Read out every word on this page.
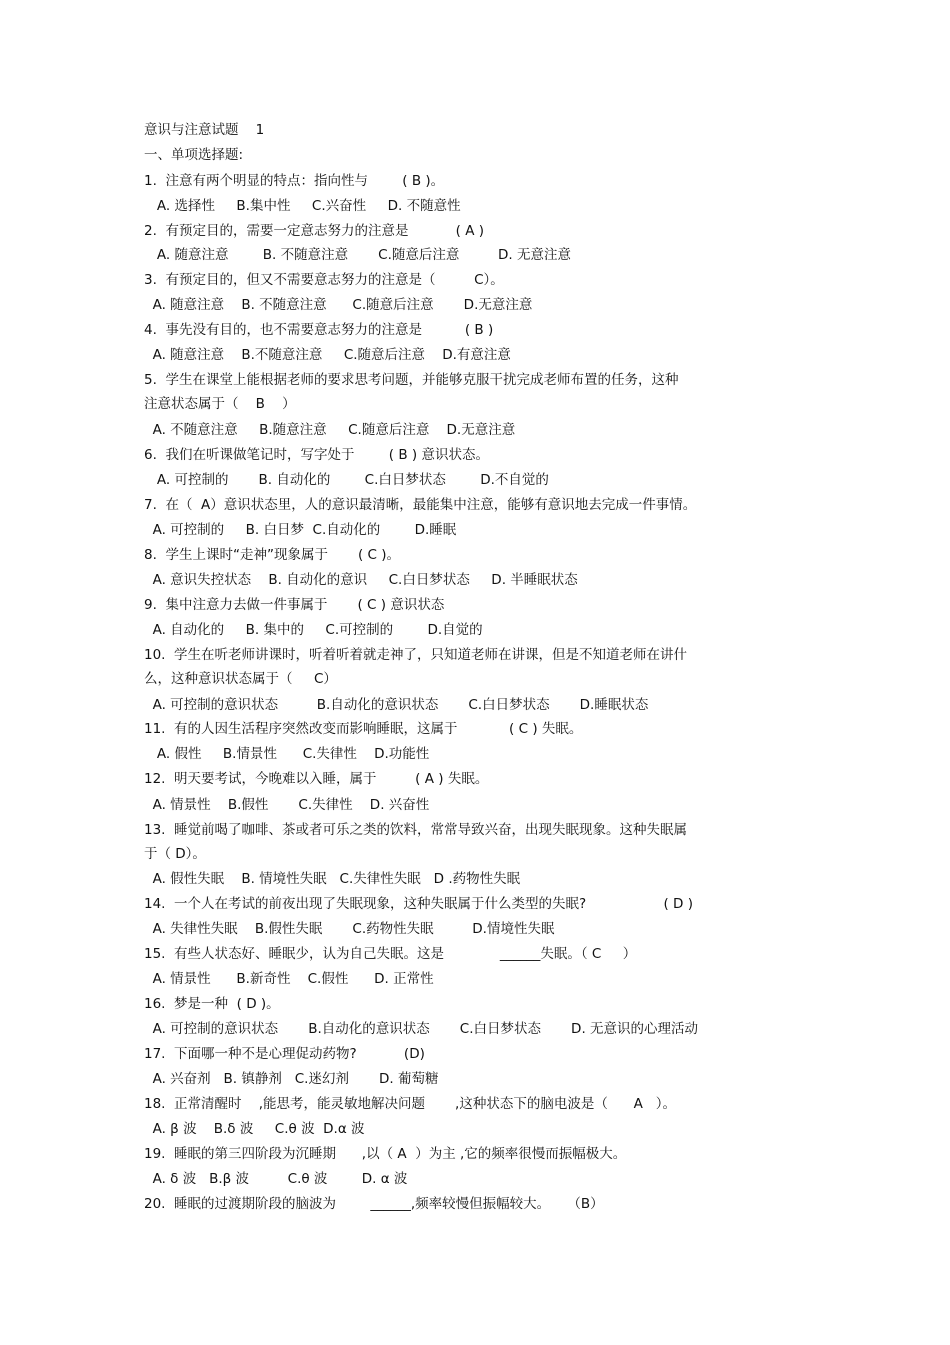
意识与注意试题    1
一、单项选择题:
1.  注意有两个明显的特点：指向性与        ( B )。
A. 选择性     B.集中性     C.兴奋性     D. 不随意性
2.  有预定目的，需要一定意志努力的注意是           ( A )
A. 随意注意        B. 不随意注意       C.随意后注意         D. 无意注意
3.  有预定目的，但又不需要意志努力的注意是（         C）。
A. 随意注意    B. 不随意注意      C.随意后注意       D.无意注意
4.  事先没有目的，也不需要意志努力的注意是          ( B )
A. 随意注意    B.不随意注意     C.随意后注意    D.有意注意
5.  学生在课堂上能根据老师的要求思考问题，并能够克服干扰完成老师布置的任务，这种
注意状态属于（    B    ）
A. 不随意注意     B.随意注意     C.随意后注意    D.无意注意
6.  我们在听课做笔记时，写字处于        ( B ) 意识状态。
A. 可控制的       B. 自动化的        C.白日梦状态        D.不自觉的
7.  在（  A）意识状态里，人的意识最清晰，最能集中注意，能够有意识地去完成一件事情。
A. 可控制的     B. 白日梦  C.自动化的        D.睡眠
8.  学生上课时“走神”现象属于       ( C )。
A. 意识失控状态    B. 自动化的意识     C.白日梦状态     D. 半睡眠状态
9.  集中注意力去做一件事属于       ( C ) 意识状态
A. 自动化的     B. 集中的     C.可控制的        D.自觉的
10.  学生在听老师讲课时，听着听着就走神了，只知道老师在讲课，但是不知道老师在讲什
么，这种意识状态属于（     C）
A. 可控制的意识状态         B.自动化的意识状态       C.白日梦状态       D.睡眠状态
11.  有的人因生活程序突然改变而影响睡眠，这属于            ( C ) 失眠。
A. 假性     B.情景性      C.失律性    D.功能性
12.  明天要考试，今晚难以入睡，属于         ( A ) 失眠。
A. 情景性    B.假性       C.失律性    D. 兴奋性
13.  睡觉前喝了咖啡、茶或者可乐之类的饮料，常常导致兴奋，出现失眠现象。这种失眠属
于（ D）。
A. 假性失眠    B. 情境性失眠   C.失律性失眠   D .药物性失眠
14.  一个人在考试的前夜出现了失眠现象，这种失眠属于什么类型的失眠?                  ( D )
A. 失律性失眠    B.假性失眠       C.药物性失眠         D.情境性失眠
15.  有些人状态好、睡眠少，认为自己失眠。这是             ______失眠。（ C     ）
A. 情景性      B.新奇性    C.假性      D. 正常性
16.  梦是一种  ( D )。
A. 可控制的意识状态       B.自动化的意识状态       C.白日梦状态       D. 无意识的心理活动
17.  下面哪一种不是心理促动药物?           (D)
A. 兴奋剂   B. 镇静剂   C.迷幻剂       D. 葡萄糖
18.  正常清醒时    ,能思考，能灵敏地解决问题       ,这种状态下的脑电波是（      A   ）。
A. β 波    B.δ 波     C.θ 波  D.α 波
19.  睡眠的第三四阶段为沉睡期      ,以（ A  ）为主 ,它的频率很慢而振幅极大。
A. δ 波   B.β 波         C.θ 波        D. α 波
20.  睡眠的过渡期阶段的脑波为        ______,频率较慢但振幅较大。    （B）
